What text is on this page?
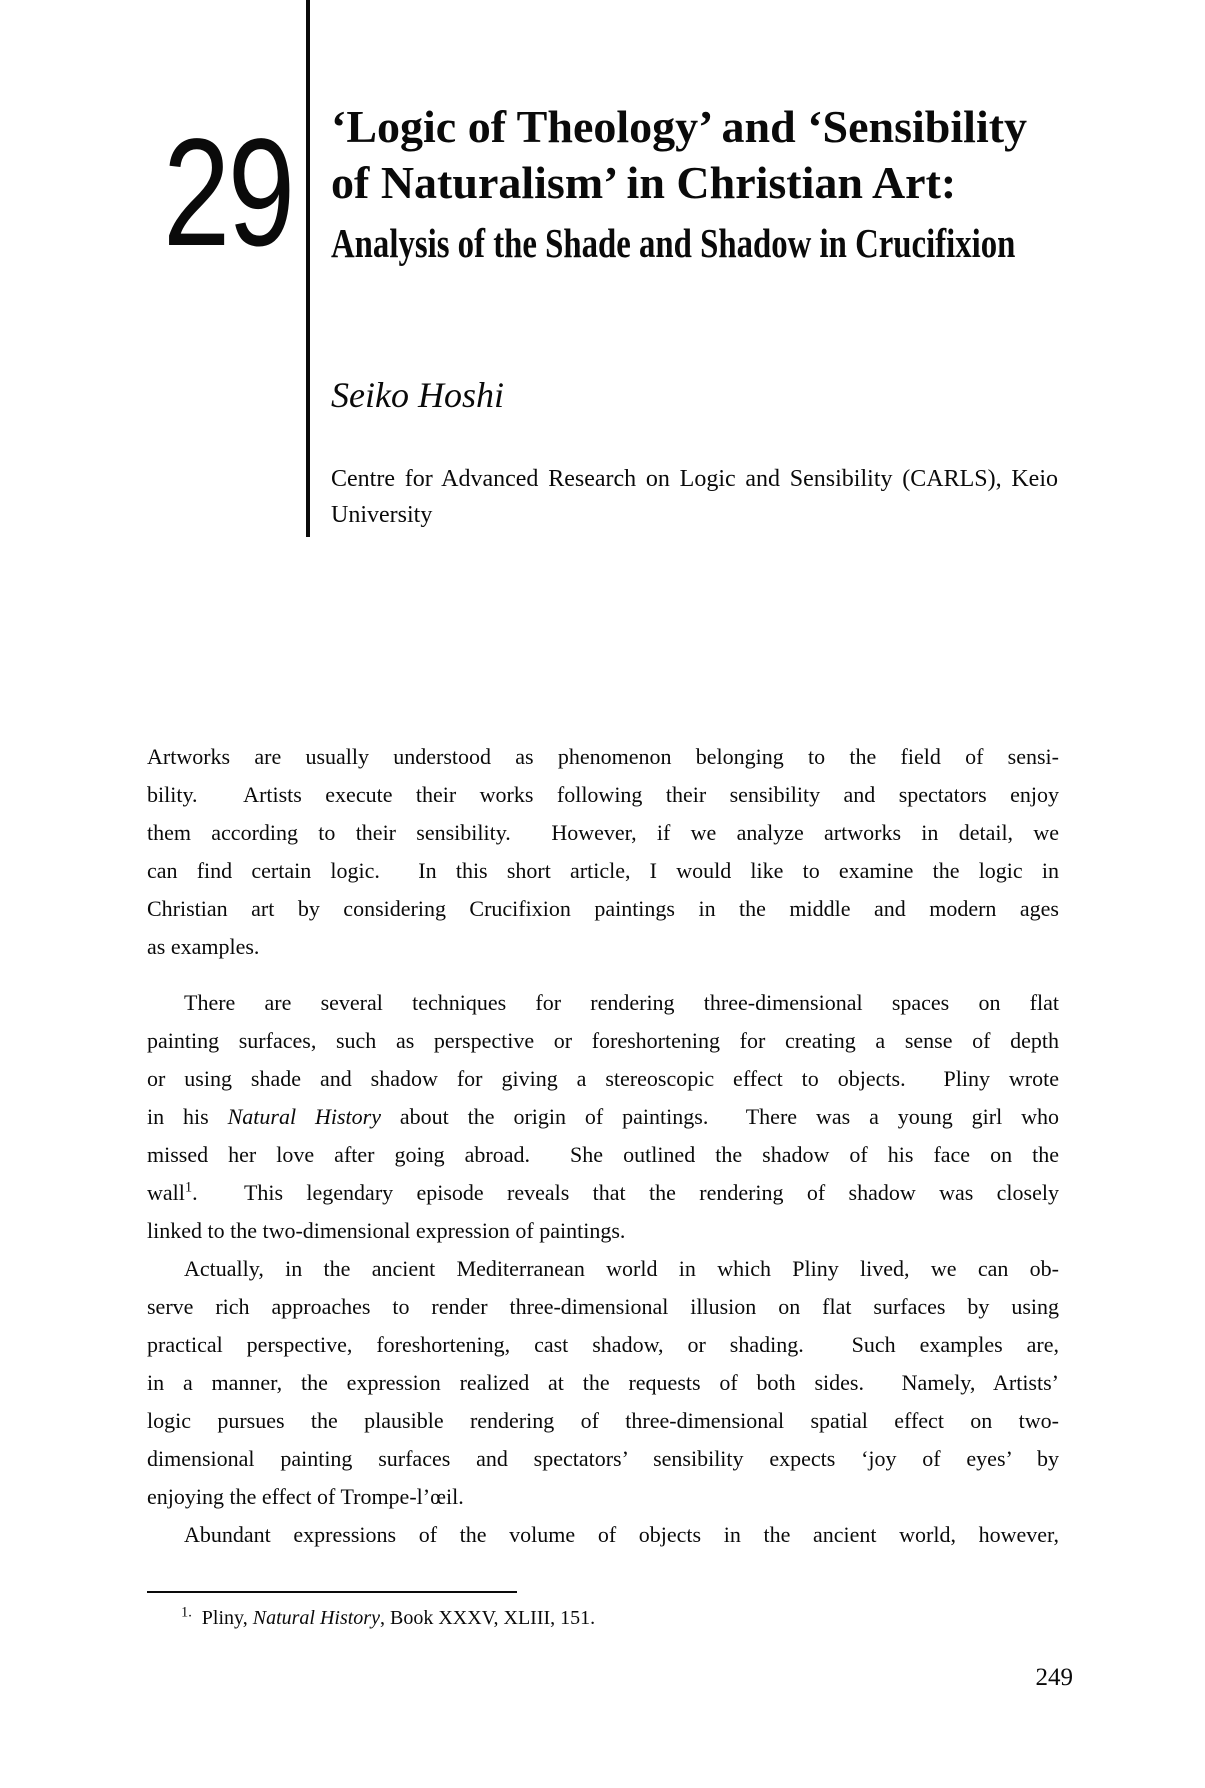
29 ‘Logic of Theology’ and ‘Sensibility
of Naturalism’ in Christian Art:
Analysis of the Shade and Shadow in Crucifixion
Seiko Hoshi
Centre for Advanced Research on Logic and Sensibility (CARLS), Keio
University
Artworks are usually understood as phenomenon belonging to the field of sensi-
bility.  Artists execute their works following their sensibility and spectators enjoy
them according to their sensibility.  However, if we analyze artworks in detail, we
can find certain logic.  In this short article, I would like to examine the logic in
Christian art by considering Crucifixion paintings in the middle and modern ages
as examples.
There are several techniques for rendering three-dimensional spaces on flat
painting surfaces, such as perspective or foreshortening for creating a sense of depth
or using shade and shadow for giving a stereoscopic effect to objects.  Pliny wrote
in his Natural History about the origin of paintings.  There was a young girl who
missed her love after going abroad.  She outlined the shadow of his face on the
wall$^1$.  This legendary episode reveals that the rendering of shadow was closely
linked to the two-dimensional expression of paintings.
Actually, in the ancient Mediterranean world in which Pliny lived, we can ob-
serve rich approaches to render three-dimensional illusion on flat surfaces by using
practical perspective, foreshortening, cast shadow, or shading.  Such examples are,
in a manner, the expression realized at the requests of both sides.  Namely, Artists’
logic pursues the plausible rendering of three-dimensional spatial effect on two-
dimensional painting surfaces and spectators’ sensibility expects ‘joy of eyes’ by
enjoying the effect of Trompe-l’œil.
Abundant expressions of the volume of objects in the ancient world, however,
$^{1.}$  Pliny, Natural History, Book XXXV, XLIII, 151.
249
